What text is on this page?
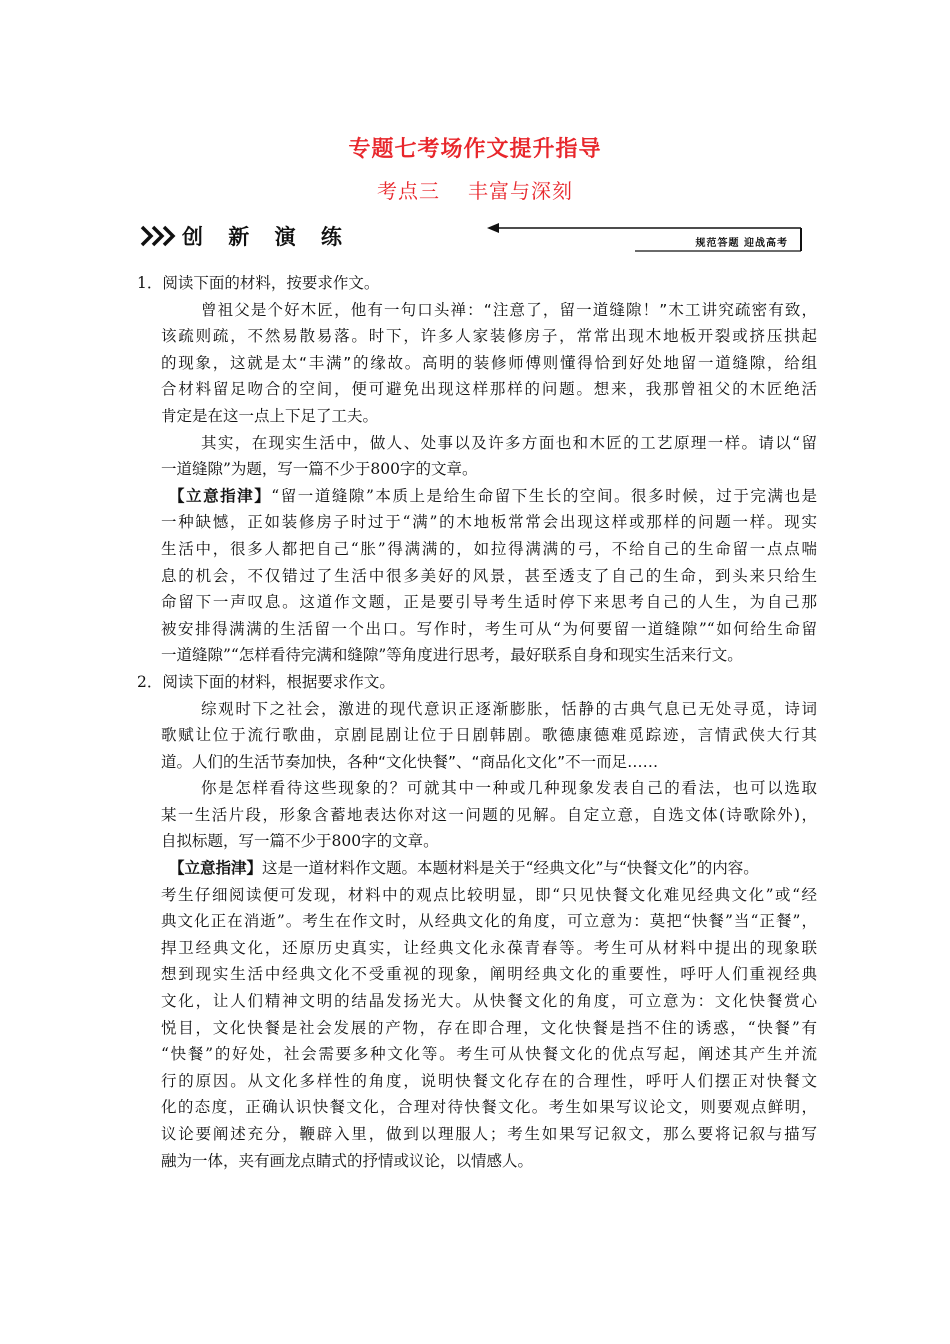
专题七考场作文提升指导
考点三 丰富与深刻
创 新 演 练	规范答题 迎战高考
1．阅读下面的材料，按要求作文。
曾祖父是个好木匠，他有一句口头禅：“注意了，留一道缝隙！”木工讲究疏密有致，
该疏则疏，不然易散易落。时下，许多人家装修房子，常常出现木地板开裂或挤压拱起
的现象，这就是太“丰满”的缘故。高明的装修师傅则懂得恰到好处地留一道缝隙，给组
合材料留足吻合的空间，便可避免出现这样那样的问题。想来，我那曾祖父的木匠绝活
肯定是在这一点上下足了工夫。
其实，在现实生活中，做人、处事以及许多方面也和木匠的工艺原理一样。请以“留
一道缝隙”为题，写一篇不少于800字的文章。
【立意指津】“留一道缝隙”本质上是给生命留下生长的空间。很多时候，过于完满也是
一种缺憾，正如装修房子时过于“满”的木地板常常会出现这样或那样的问题一样。现实
生活中，很多人都把自己“胀”得满满的，如拉得满满的弓，不给自己的生命留一点点喘
息的机会，不仅错过了生活中很多美好的风景，甚至透支了自己的生命，到头来只给生
命留下一声叹息。这道作文题，正是要引导考生适时停下来思考自己的人生，为自己那
被安排得满满的生活留一个出口。写作时，考生可从“为何要留一道缝隙”“如何给生命留
一道缝隙”“怎样看待完满和缝隙”等角度进行思考，最好联系自身和现实生活来行文。
2．阅读下面的材料，根据要求作文。
综观时下之社会，激进的现代意识正逐渐膨胀，恬静的古典气息已无处寻觅，诗词
歌赋让位于流行歌曲，京剧昆剧让位于日剧韩剧。歌德康德难觅踪迹，言情武侠大行其
道。人们的生活节奏加快，各种“文化快餐”、“商品化文化”不一而足……
你是怎样看待这些现象的？可就其中一种或几种现象发表自己的看法，也可以选取
某一生活片段，形象含蓄地表达你对这一问题的见解。自定立意，自选文体(诗歌除外)，
自拟标题，写一篇不少于800字的文章。
【立意指津】这是一道材料作文题。本题材料是关于“经典文化”与“快餐文化”的内容。
考生仔细阅读便可发现，材料中的观点比较明显，即“只见快餐文化难见经典文化”或“经
典文化正在消逝”。考生在作文时，从经典文化的角度，可立意为：莫把“快餐”当“正餐”，
捍卫经典文化，还原历史真实，让经典文化永葆青春等。考生可从材料中提出的现象联
想到现实生活中经典文化不受重视的现象，阐明经典文化的重要性，呼吁人们重视经典
文化，让人们精神文明的结晶发扬光大。从快餐文化的角度，可立意为：文化快餐赏心
悦目，文化快餐是社会发展的产物，存在即合理，文化快餐是挡不住的诱惑，“快餐”有
“快餐”的好处，社会需要多种文化等。考生可从快餐文化的优点写起，阐述其产生并流
行的原因。从文化多样性的角度，说明快餐文化存在的合理性，呼吁人们摆正对快餐文
化的态度，正确认识快餐文化，合理对待快餐文化。考生如果写议论文，则要观点鲜明，
议论要阐述充分，鞭辟入里，做到以理服人；考生如果写记叙文，那么要将记叙与描写
融为一体，夹有画龙点睛式的抒情或议论，以情感人。
